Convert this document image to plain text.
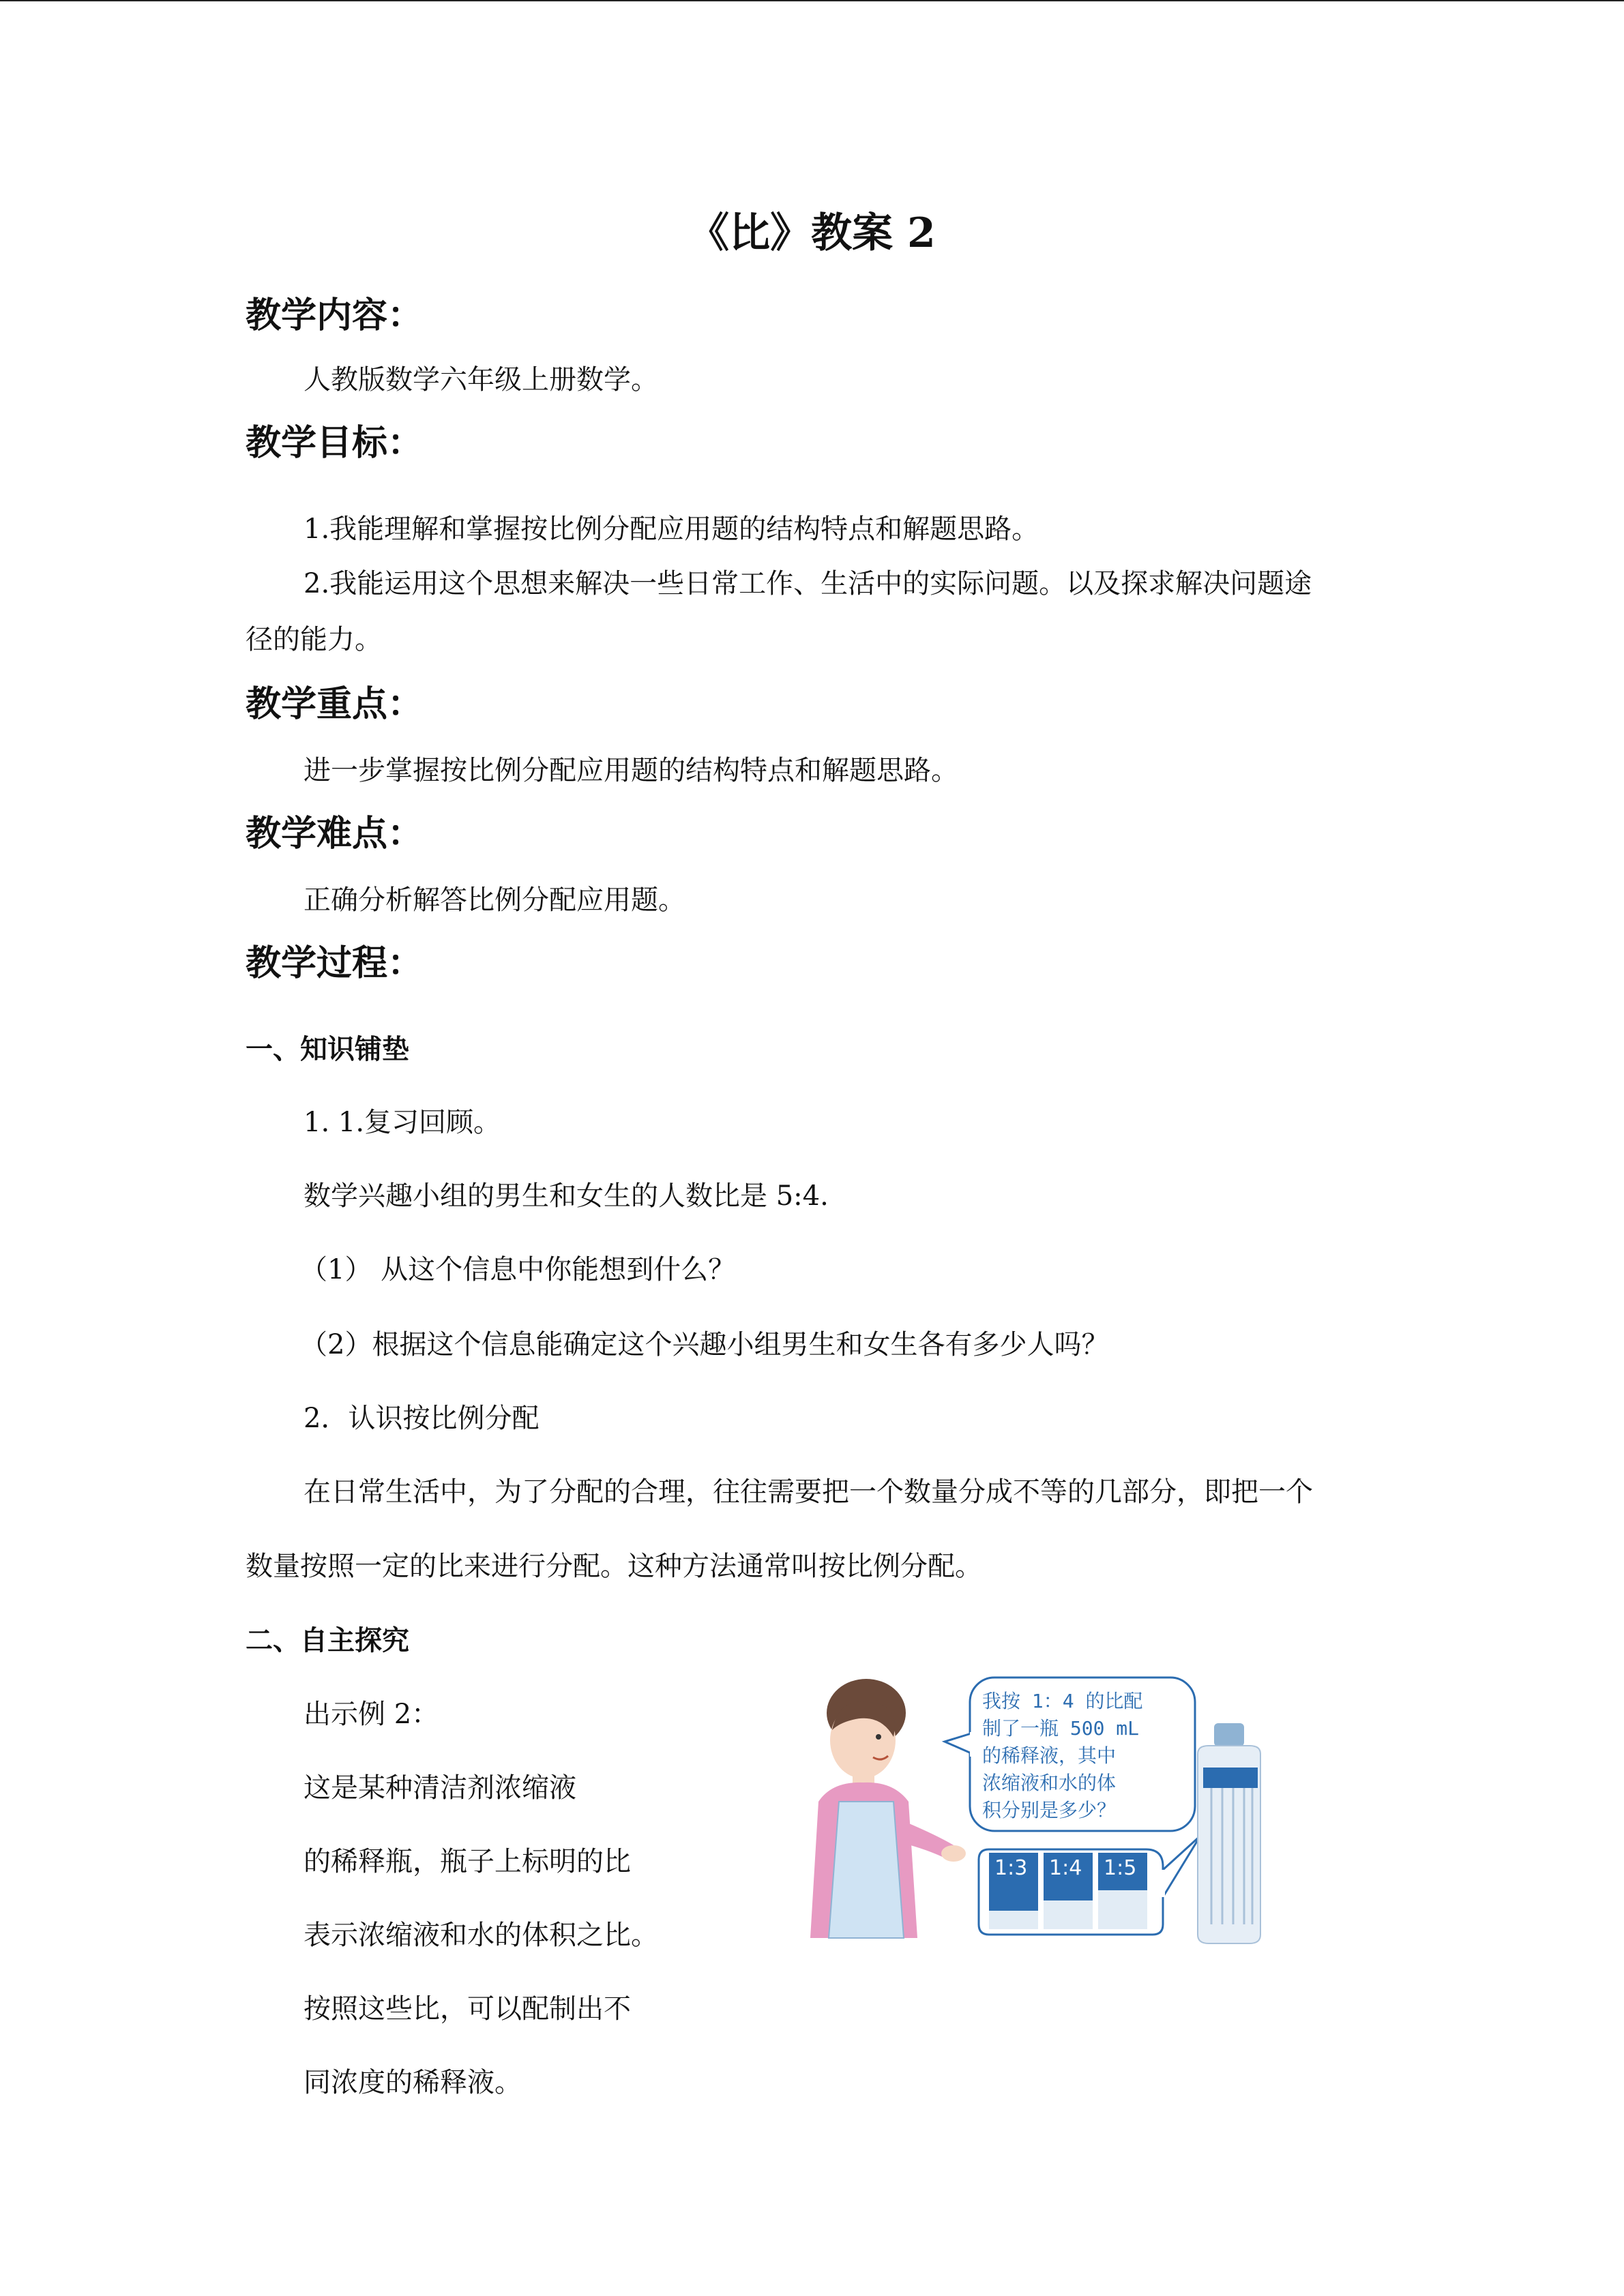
《比》教案 2
教学内容：
人教版数学六年级上册数学。
教学目标：
1.我能理解和掌握按比例分配应用题的结构特点和解题思路。
2.我能运用这个思想来解决一些日常工作、生活中的实际问题。以及探求解决问题途
径的能力。
教学重点：
进一步掌握按比例分配应用题的结构特点和解题思路。
教学难点：
正确分析解答比例分配应用题。
教学过程：
一、知识铺垫
1. 1.复习回顾。
数学兴趣小组的男生和女生的人数比是 5:4.
（1） 从这个信息中你能想到什么？
（2）根据这个信息能确定这个兴趣小组男生和女生各有多少人吗？
2．认识按比例分配
在日常生活中，为了分配的合理，往往需要把一个数量分成不等的几部分，即把一个
数量按照一定的比来进行分配。这种方法通常叫按比例分配。
二、自主探究
出示例 2：
这是某种清洁剂浓缩液
的稀释瓶，瓶子上标明的比
表示浓缩液和水的体积之比。
按照这些比，可以配制出不
同浓度的稀释液。
我按 1：4 的比配
制了一瓶 500 mL
的稀释液，其中
浓缩液和水的体
积分别是多少？
1:3 1:4 1:5
